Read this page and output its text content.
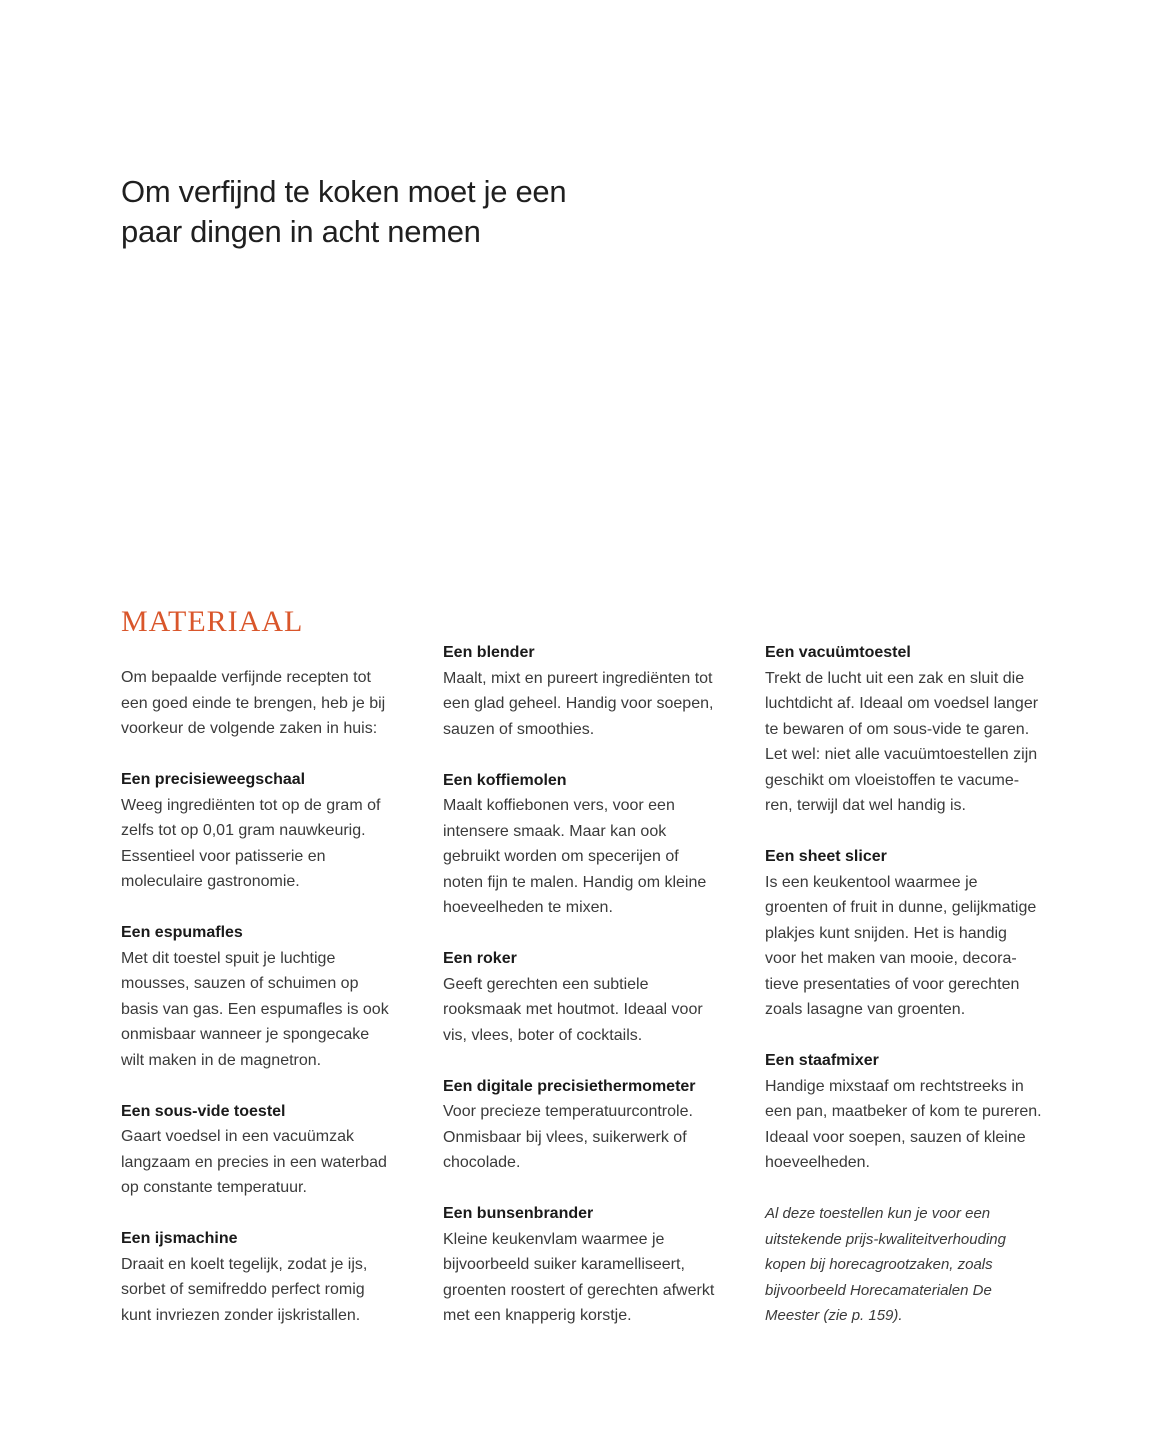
Om verfijnd te koken moet je een
paar dingen in acht nemen
MATERIAAL

Om bepaalde verfijnde recepten tot
een goed einde te brengen, heb je bij
voorkeur de volgende zaken in huis:

Een precisieweegschaal
Weeg ingrediënten tot op de gram of
zelfs tot op 0,01 gram nauwkeurig.
Essentieel voor patisserie en
moleculaire gastronomie.
Een espumafles
Met dit toestel spuit je luchtige
mousses, sauzen of schuimen op
basis van gas. Een espumafles is ook
onmisbaar wanneer je spongecake
wilt maken in de magnetron.
Een sous-vide toestel
Gaart voedsel in een vacuümzak
langzaam en precies in een waterbad
op constante temperatuur.
Een ijsmachine
Draait en koelt tegelijk, zodat je ijs,
sorbet of semifreddo perfect romig
kunt invriezen zonder ijskristallen.
Een blender
Maalt, mixt en pureert ingrediënten tot
een glad geheel. Handig voor soepen,
sauzen of smoothies.
Een koffiemolen
Maalt koffiebonen vers, voor een
intensere smaak. Maar kan ook
gebruikt worden om specerijen of
noten fijn te malen. Handig om kleine
hoeveelheden te mixen.
Een roker
Geeft gerechten een subtiele
rooksmaak met houtmot. Ideaal voor
vis, vlees, boter of cocktails.
Een digitale precisiethermometer
Voor precieze temperatuurcontrole.
Onmisbaar bij vlees, suikerwerk of
chocolade.
Een bunsenbrander
Kleine keukenvlam waarmee je
bijvoorbeeld suiker karamelliseert,
groenten roostert of gerechten afwerkt
met een knapperig korstje.
Een vacuümtoestel
Trekt de lucht uit een zak en sluit die
luchtdicht af. Ideaal om voedsel langer
te bewaren of om sous-vide te garen.
Let wel: niet alle vacuümtoestellen zijn
geschikt om vloeistoffen te vacume-
ren, terwijl dat wel handig is.
Een sheet slicer
Is een keukentool waarmee je
groenten of fruit in dunne, gelijkmatige
plakjes kunt snijden. Het is handig
voor het maken van mooie, decora-
tieve presentaties of voor gerechten
zoals lasagne van groenten.
Een staafmixer
Handige mixstaaf om rechtstreeks in
een pan, maatbeker of kom te pureren.
Ideaal voor soepen, sauzen of kleine
hoeveelheden.

Al deze toestellen kun je voor een
uitstekende prijs-kwaliteitverhouding
kopen bij horecagrootzaken, zoals
bijvoorbeeld Horecamaterialen De
Meester (zie p. 159).
